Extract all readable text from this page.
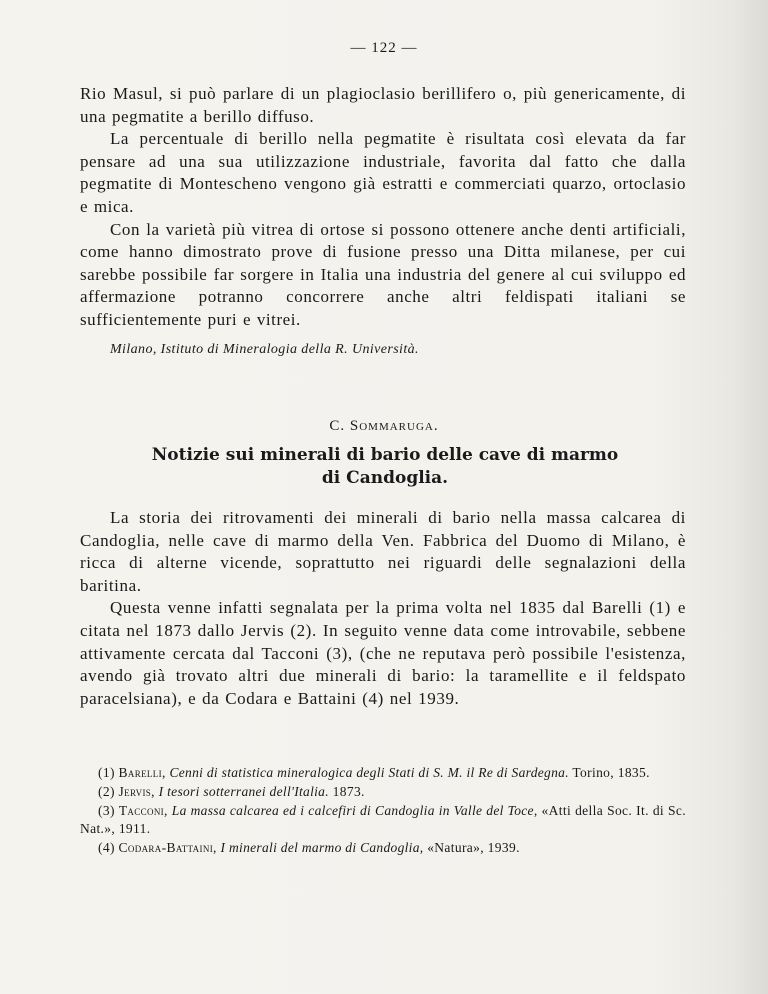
— 122 —

Rio Masul, si può parlare di un plagioclasio berillifero o, più genericamente, di una pegmatite a berillo diffuso.

La percentuale di berillo nella pegmatite è risultata così elevata da far pensare ad una sua utilizzazione industriale, favorita dal fatto che dalla pegmatite di Montescheno vengono già estratti e commerciati quarzo, ortoclasio e mica.

Con la varietà più vitrea di ortose si possono ottenere anche denti artificiali, come hanno dimostrato prove di fusione presso una Ditta milanese, per cui sarebbe possibile far sorgere in Italia una industria del genere al cui sviluppo ed affermazione potranno concorrere anche altri feldispati italiani se sufficientemente puri e vitrei.

Milano, Istituto di Mineralogia della R. Università.
C. Sommaruga.
Notizie sui minerali di bario delle cave di marmo
di Candoglia.

La storia dei ritrovamenti dei minerali di bario nella massa calcarea di Candoglia, nelle cave di marmo della Ven. Fabbrica del Duomo di Milano, è ricca di alterne vicende, soprattutto nei riguardi delle segnalazioni della baritina.

Questa venne infatti segnalata per la prima volta nel 1835 dal Barelli (1) e citata nel 1873 dallo Jervis (2). In seguito venne data come introvabile, sebbene attivamente cercata dal Tacconi (3), (che ne reputava però possibile l'esistenza, avendo già trovato altri due minerali di bario: la taramellite e il feldspato paracelsiana), e da Codara e Battaini (4) nel 1939.

(1) Barelli, Cenni di statistica mineralogica degli Stati di S. M. il Re di Sardegna. Torino, 1835.

(2) Jervis, I tesori sotterranei dell'Italia. 1873.

(3) Tacconi, La massa calcarea ed i calcefiri di Candoglia in Valle del Toce, «Atti della Soc. It. di Sc. Nat.», 1911.

(4) Codara-Battaini, I minerali del marmo di Candoglia, «Natura», 1939.
